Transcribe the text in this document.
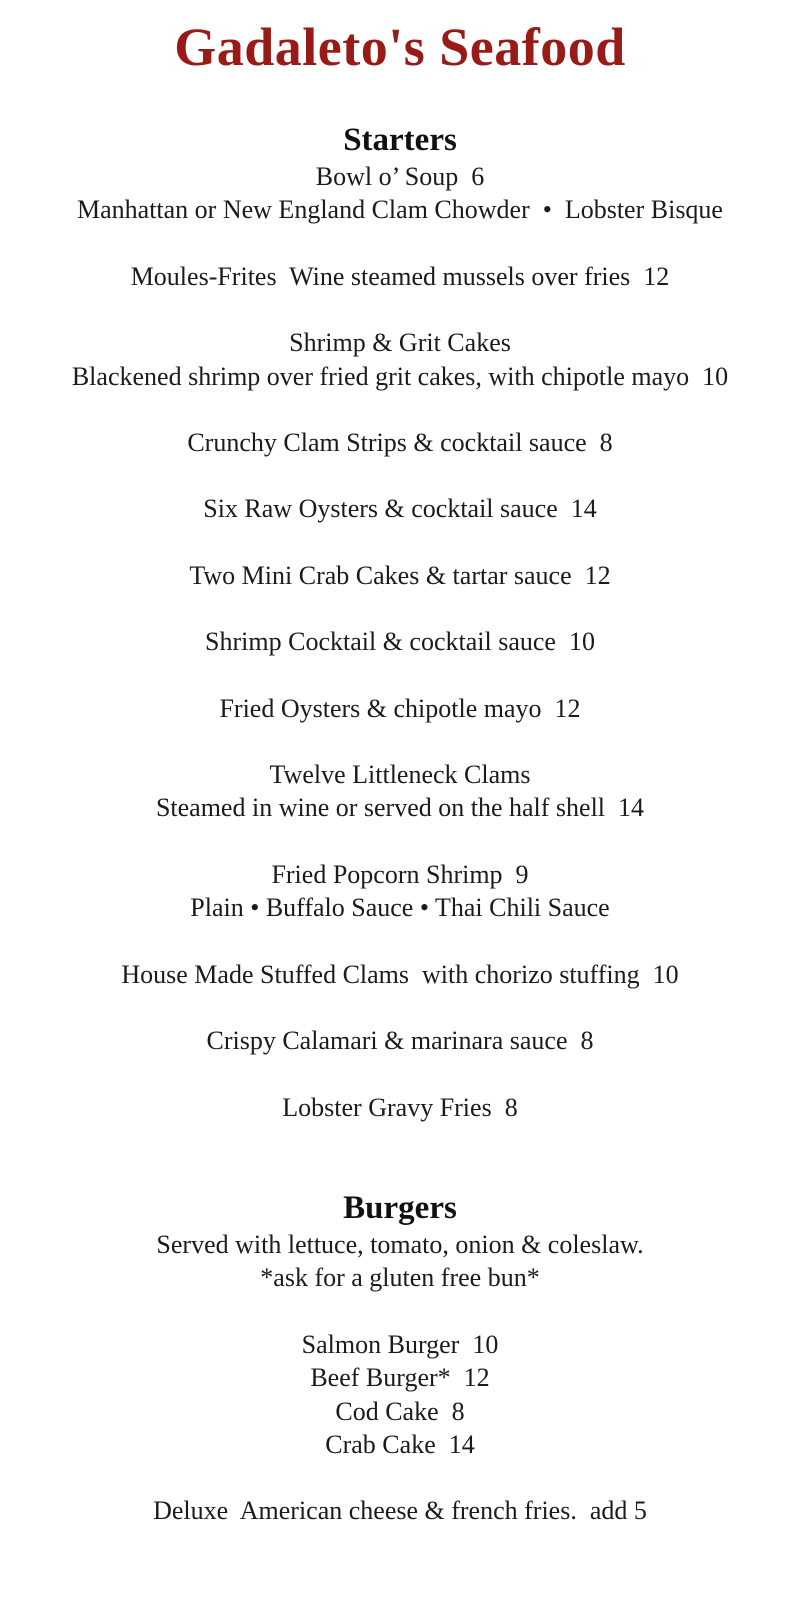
Gadaleto's Seafood
Starters
Bowl o’ Soup 6
Manhattan or New England Clam Chowder  •  Lobster Bisque
Moules-Frites  Wine steamed mussels over fries 12
Shrimp & Grit Cakes
Blackened shrimp over fried grit cakes, with chipotle mayo 10
Crunchy Clam Strips & cocktail sauce 8
Six Raw Oysters & cocktail sauce 14
Two Mini Crab Cakes & tartar sauce 12
Shrimp Cocktail & cocktail sauce 10
Fried Oysters & chipotle mayo 12
Twelve Littleneck Clams
Steamed in wine or served on the half shell 14
Fried Popcorn Shrimp 9
Plain • Buffalo Sauce • Thai Chili Sauce
House Made Stuffed Clams  with chorizo stuffing 10
Crispy Calamari & marinara sauce 8
Lobster Gravy Fries 8
Burgers
Served with lettuce, tomato, onion & coleslaw.
*ask for a gluten free bun*
Salmon Burger 10
Beef Burger* 12
Cod Cake 8
Crab Cake 14
Deluxe  American cheese & french fries. add 5
